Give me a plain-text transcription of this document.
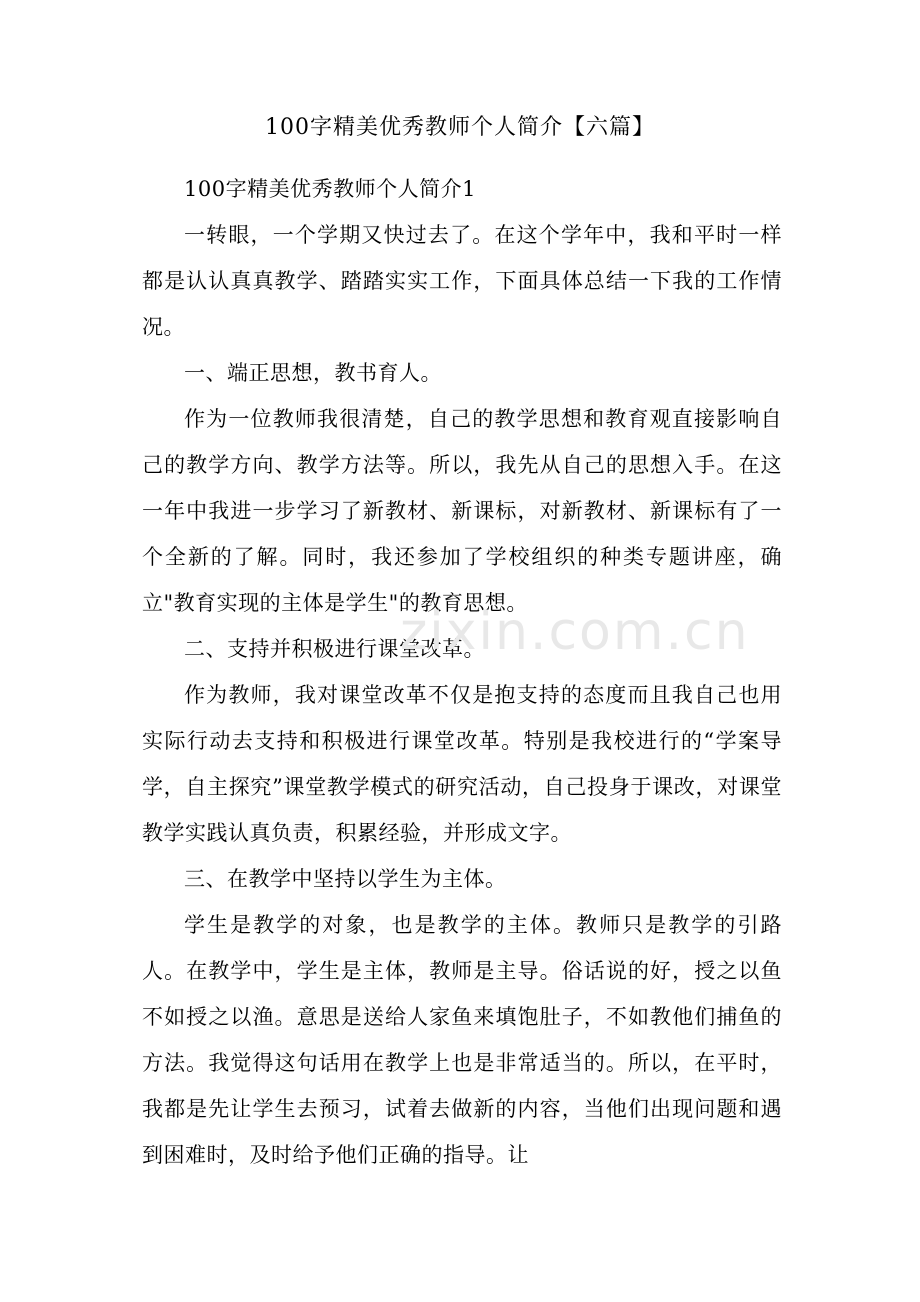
100字精美优秀教师个人简介【六篇】

100字精美优秀教师个人简介1

一转眼，一个学期又快过去了。在这个学年中，我和平时一样都是认认真真教学、踏踏实实工作，下面具体总结一下我的工作情况。

一、端正思想，教书育人。

作为一位教师我很清楚，自己的教学思想和教育观直接影响自己的教学方向、教学方法等。所以，我先从自己的思想入手。在这一年中我进一步学习了新教材、新课标，对新教材、新课标有了一个全新的了解。同时，我还参加了学校组织的种类专题讲座，确立"教育实现的主体是学生"的教育思想。

二、支持并积极进行课堂改革。

作为教师，我对课堂改革不仅是抱支持的态度而且我自己也用实际行动去支持和积极进行课堂改革。特别是我校进行的“学案导学，自主探究”课堂教学模式的研究活动，自己投身于课改，对课堂教学实践认真负责，积累经验，并形成文字。

三、在教学中坚持以学生为主体。

学生是教学的对象，也是教学的主体。教师只是教学的引路人。在教学中，学生是主体，教师是主导。俗话说的好，授之以鱼不如授之以渔。意思是送给人家鱼来填饱肚子，不如教他们捕鱼的方法。我觉得这句话用在教学上也是非常适当的。所以，在平时，我都是先让学生去预习，试着去做新的内容，当他们出现问题和遇到困难时，及时给予他们正确的指导。让

zixin.com.cn
